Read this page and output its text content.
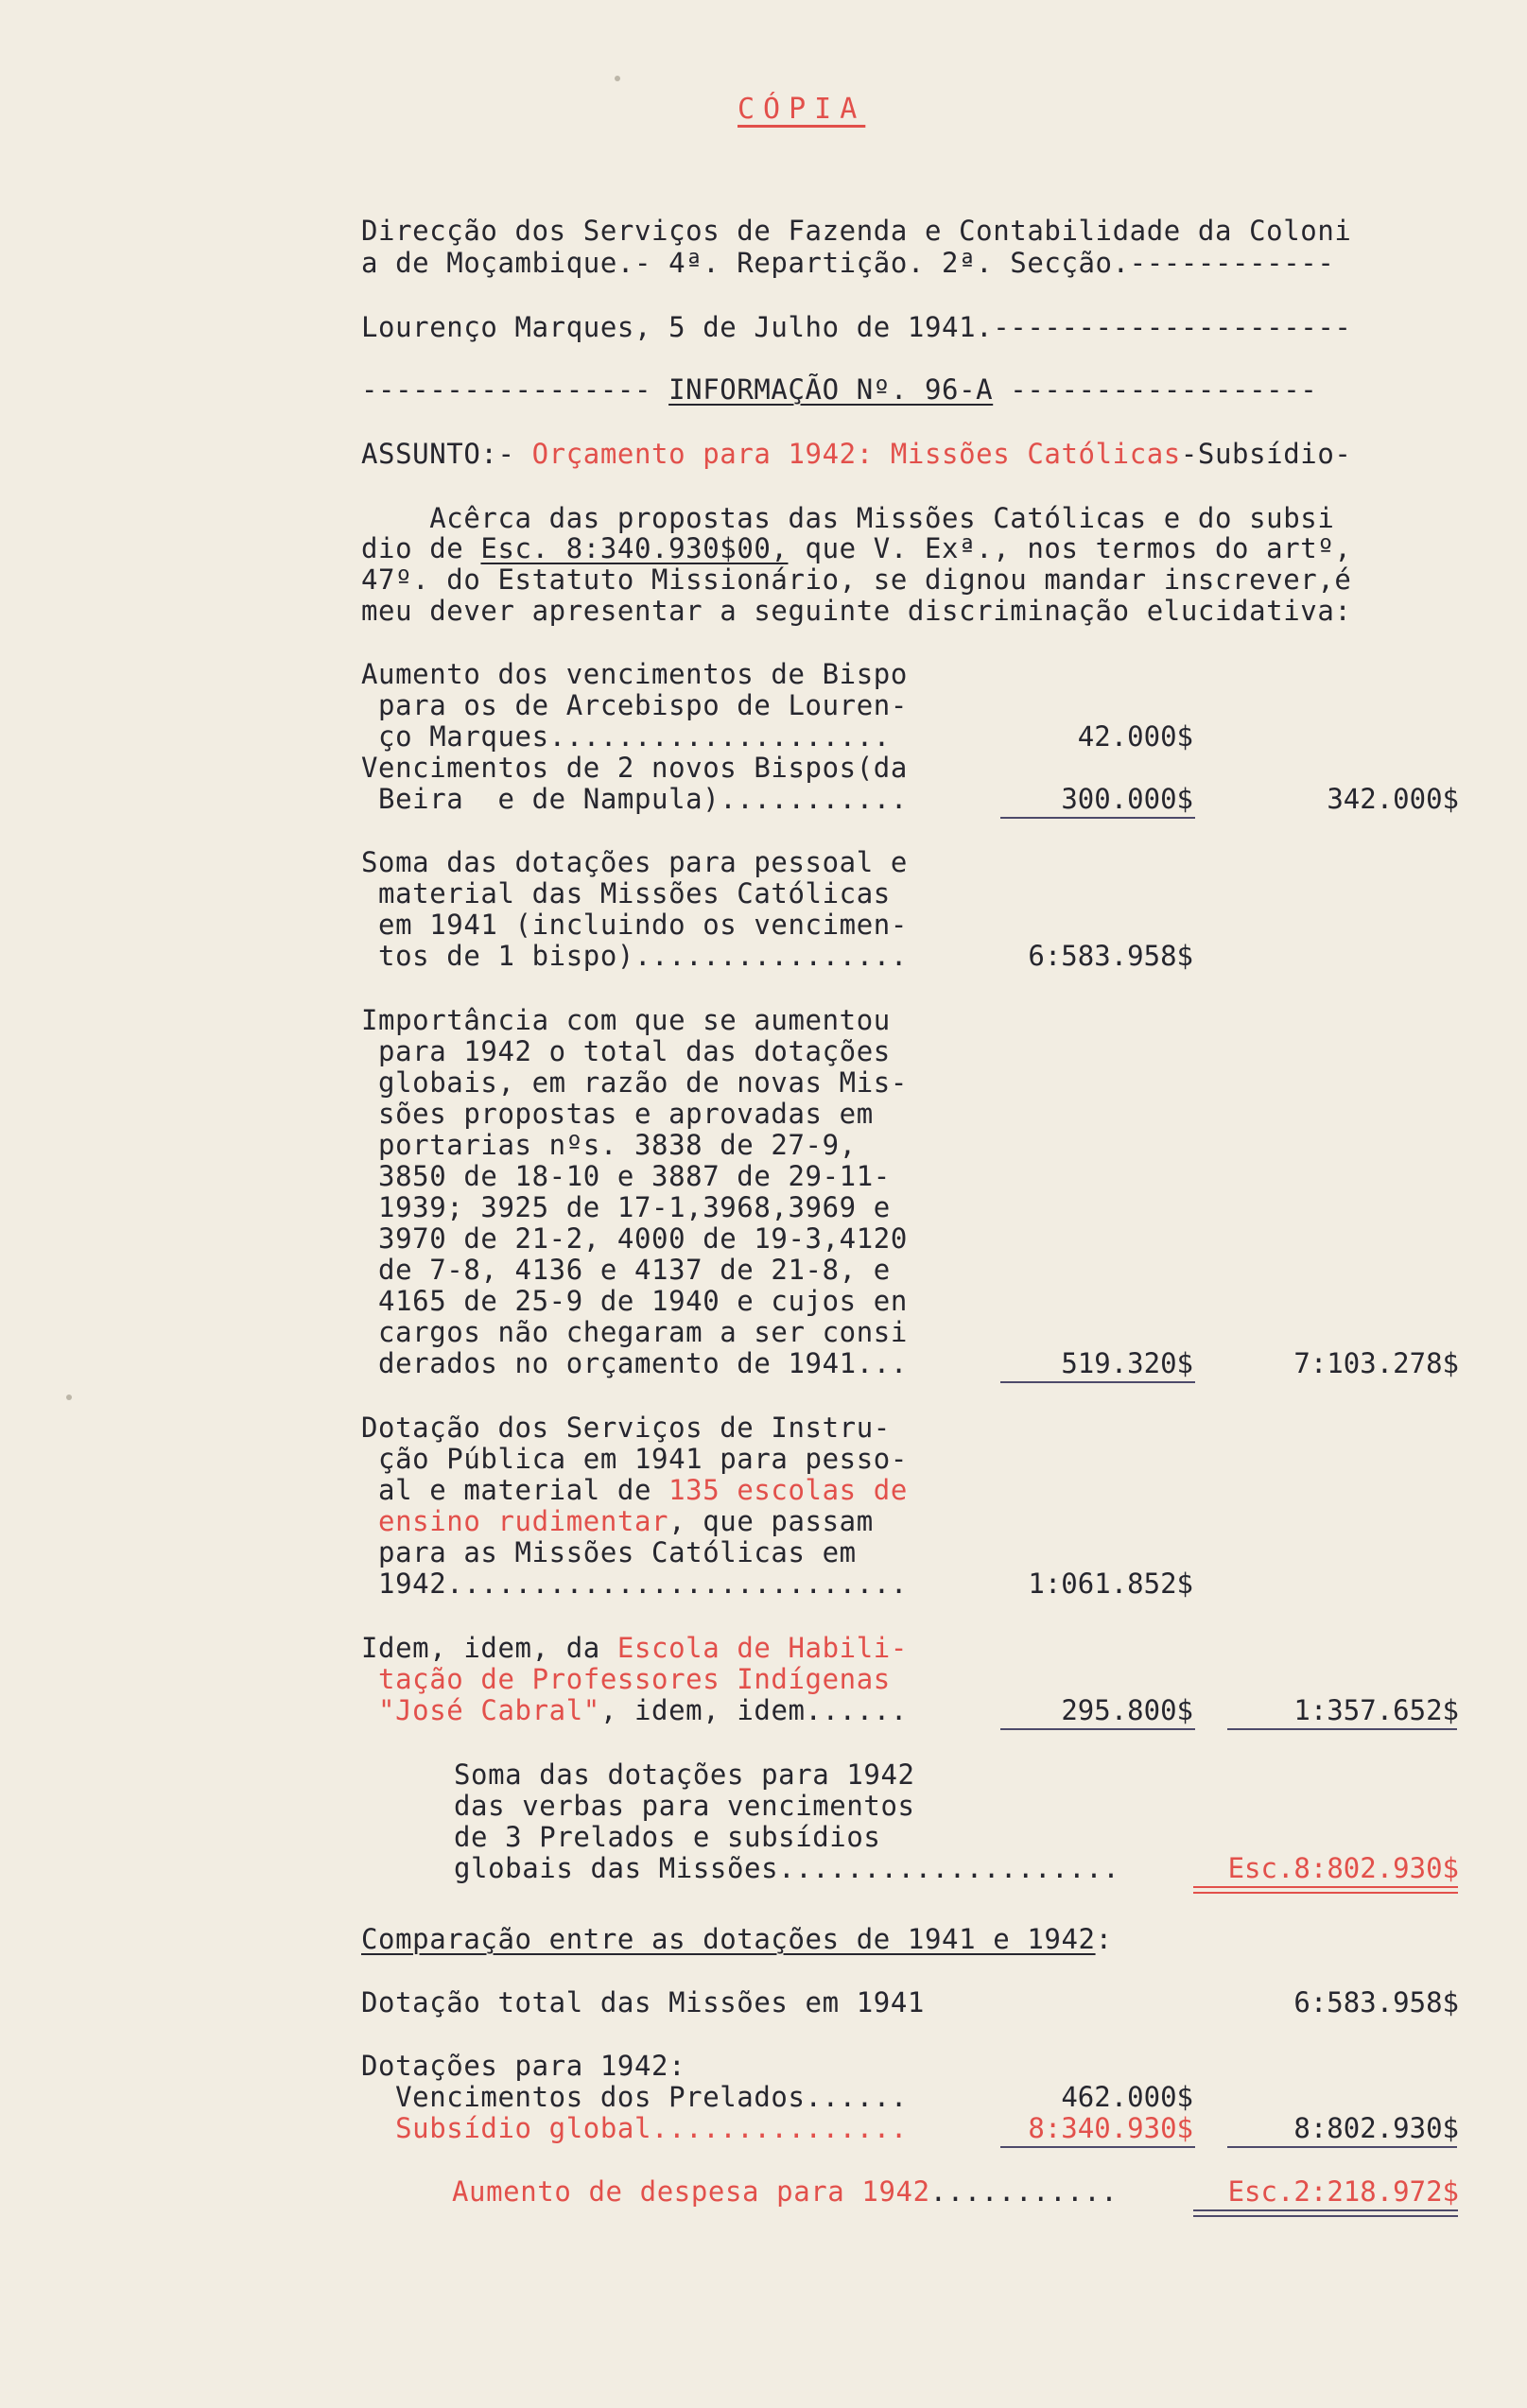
CÓPIA
Direcção dos Serviços de Fazenda e Contabilidade da Coloni
a de Moçambique.- 4ª. Repartição. 2ª. Secção.------------
Lourenço Marques, 5 de Julho de 1941.---------------------
----------------- INFORMAÇÃO Nº. 96-A ------------------
ASSUNTO:- Orçamento para 1942: Missões Católicas-Subsídio-
Acêrca das propostas das Missões Católicas e do subsi
dio de Esc. 8:340.930$00, que V. Exª., nos termos do artº,
47º. do Estatuto Missionário, se dignou mandar inscrever,é
meu dever apresentar a seguinte discriminação elucidativa:
Aumento dos vencimentos de Bispo
para os de Arcebispo de Louren-
ço Marques....................	42.000$
Vencimentos de 2 novos Bispos(da
Beira  e de Nampula)...........	300.000$	342.000$
Soma das dotações para pessoal e
material das Missões Católicas
em 1941 (incluindo os vencimen-
tos de 1 bispo)................	6:583.958$
Importância com que se aumentou
para 1942 o total das dotações
globais, em razão de novas Mis-
sões propostas e aprovadas em
portarias nºs. 3838 de 27-9,
3850 de 18-10 e 3887 de 29-11-
1939; 3925 de 17-1,3968,3969 e
3970 de 21-2, 4000 de 19-3,4120
de 7-8, 4136 e 4137 de 21-8, e
4165 de 25-9 de 1940 e cujos en
cargos não chegaram a ser consi
derados no orçamento de 1941...	519.320$	7:103.278$
Dotação dos Serviços de Instru-
ção Pública em 1941 para pesso-
al e material de 135 escolas de
ensino rudimentar, que passam
para as Missões Católicas em
1942...........................	1:061.852$
Idem, idem, da Escola de Habili-
tação de Professores Indígenas
"José Cabral", idem, idem......	295.800$	1:357.652$
Soma das dotações para 1942
das verbas para vencimentos
de 3 Prelados e subsídios
globais das Missões....................	Esc.8:802.930$
Comparação entre as dotações de 1941 e 1942:
Dotação total das Missões em 1941	6:583.958$
Dotações para 1942:
Vencimentos dos Prelados......	462.000$
Subsídio global...............	8:340.930$	8:802.930$
Aumento de despesa para 1942...........	Esc.2:218.972$
